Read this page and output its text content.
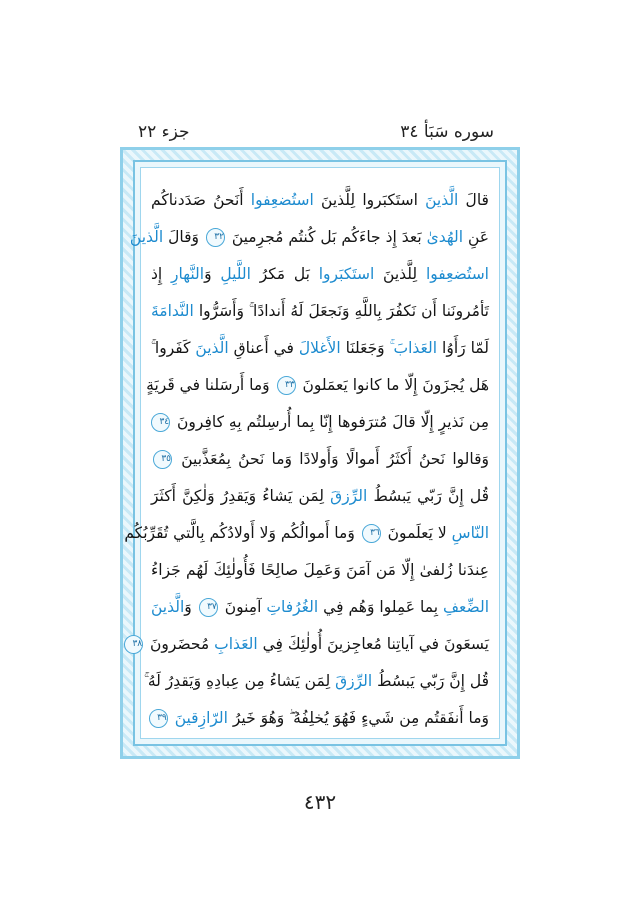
سوره سَبَأ ٣٤
جزء ٢٢
قالَ الَّذينَ استَكبَروا لِلَّذينَ استُضعِفوا أَنَحنُ صَدَدناكُم
عَنِ الهُدىٰ بَعدَ إِذ جاءَكُم بَل كُنتُم مُجرِمينَ ٣٢ وَقالَ الَّذينَ
استُضعِفوا لِلَّذينَ استَكبَروا بَل مَكرُ اللَّيلِ وَالنَّهارِ إِذ
تَأمُرونَنا أَن نَكفُرَ بِاللَّهِ وَنَجعَلَ لَهُ أَندادًا ۚ وَأَسَرُّوا النَّدامَةَ
لَمّا رَأَوُا العَذابَ ۚ وَجَعَلنَا الأَغلالَ في أَعناقِ الَّذينَ كَفَروا ۚ
هَل يُجزَونَ إِلّا ما كانوا يَعمَلونَ ٣٣ وَما أَرسَلنا في قَريَةٍ
مِن نَذيرٍ إِلّا قالَ مُترَفوها إِنّا بِما أُرسِلتُم بِهِ كافِرونَ ٣٤
وَقالوا نَحنُ أَكثَرُ أَموالًا وَأَولادًا وَما نَحنُ بِمُعَذَّبينَ ٣٥
قُل إِنَّ رَبّي يَبسُطُ الرِّزقَ لِمَن يَشاءُ وَيَقدِرُ وَلٰكِنَّ أَكثَرَ
النّاسِ لا يَعلَمونَ ٣٦ وَما أَموالُكُم وَلا أَولادُكُم بِالَّتي تُقَرِّبُكُم
عِندَنا زُلفىٰ إِلّا مَن آمَنَ وَعَمِلَ صالِحًا فَأُولٰئِكَ لَهُم جَزاءُ
الضِّعفِ بِما عَمِلوا وَهُم فِي الغُرُفاتِ آمِنونَ ٣٧ وَالَّذينَ
يَسعَونَ في آياتِنا مُعاجِزينَ أُولٰئِكَ فِي العَذابِ مُحضَرونَ ٣٨
قُل إِنَّ رَبّي يَبسُطُ الرِّزقَ لِمَن يَشاءُ مِن عِبادِهِ وَيَقدِرُ لَهُ ۚ
وَما أَنفَقتُم مِن شَيءٍ فَهُوَ يُخلِفُهُ ۖ وَهُوَ خَيرُ الرّازِقينَ ٣٩
٤٣٢
